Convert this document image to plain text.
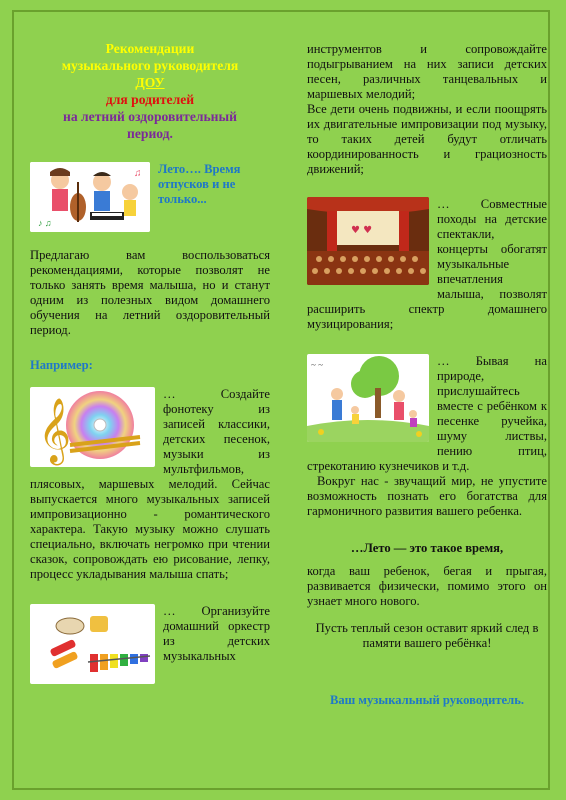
Рекомендации
музыкального руководителя
ДОУ
для родителей
на летний оздоровительный
период.
♪ ♫
♫	Лето…. Время отпусков и не только...
Предлагаю вам воспользоваться рекомендациями, которые позволят не только занять время малыша, но и станут одним из полезных видом домашнего обучения на летний оздоровительный период.
Например:
𝄞
… Создайте фонотеку из записей классики, детских песенок, музыки из мультфильмов, плясовых, маршевых мелодий. Сейчас выпускается много музыкальных записей импровизационно - романтического характера. Такую музыку можно слушать специально, включать негромко при чтении сказок, сопровождать ею рисование, лепку, процесс укладывания малыша спать;
… Организуйте домашний оркестр из детских музыкальных
инструментов и сопровождайте подыгрыванием на них записи детских песен, различных танцевальных и маршевых мелодий;
Все дети очень подвижны, и если поощрять их двигательные импровизации под музыку, то таких детей будут отличать координированность и грациозность движений;
♥ ♥
… Совместные походы на детские спектакли, концерты обогатят музыкальные впечатления малыша, позволят расширить спектр домашнего музицирования;
~ ~	… Бывая на природе, прислушайтесь вместе с ребёнком к песенке ручейка, шуму листвы, пению птиц, стрекотанию кузнечиков и т.д.
Вокруг нас - звучащий мир, не упустите возможность познать его богатства для гармоничного развития вашего ребенка.
…Лето — это такое время,
когда ваш ребенок, бегая и прыгая, развивается физически, помимо этого он узнает много нового.
Пусть теплый сезон оставит яркий след в памяти вашего ребёнка!
Ваш музыкальный руководитель.
